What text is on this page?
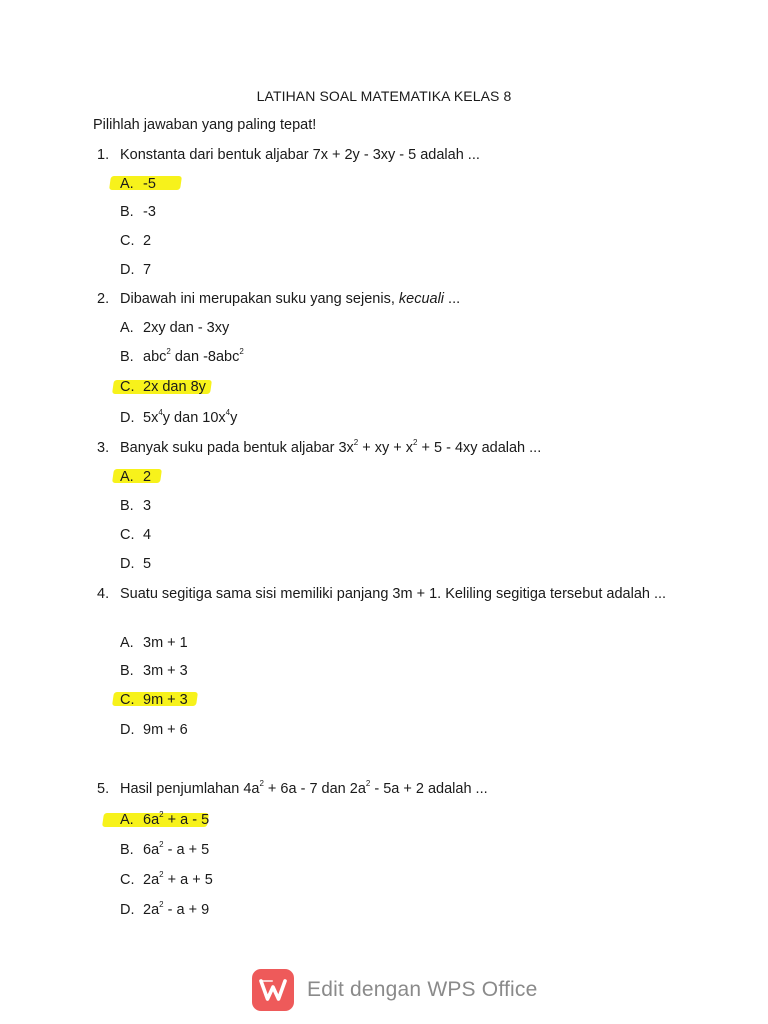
LATIHAN SOAL MATEMATIKA KELAS 8
Pilihlah jawaban yang paling tepat!
1. Konstanta dari bentuk aljabar 7x + 2y - 3xy - 5 adalah ...
A. -5
B. -3
C. 2
D. 7
2. Dibawah ini merupakan suku yang sejenis, kecuali ...
A. 2xy dan - 3xy
B. abc$^2$ dan -8abc$^2$
C. 2x dan 8y
D. $5x^4y$ dan $10x^4y$
3. Banyak suku pada bentuk aljabar $3x^2$ + xy + $x^2 + 5 - 4xy$ adalah ...
A. 2
B. 3
C. 4
D. 5
4. Suatu segitiga sama sisi memiliki panjang 3m + 1. Keliling segitiga tersebut adalah ...
A. 3m + 1
B. 3m + 3
C. 9m + 3
D. 9m + 6
5. Hasil penjumlahan $4a^2 + 6a - 7$ dan $2a^2 - 5a + 2$ adalah ...
A. $6a^2 + a - 5$
B. $6a^2 - a + 5$
C. $2a^2 + a + 5$
D. $2a^2 - a + 9$
Edit dengan WPS Office
